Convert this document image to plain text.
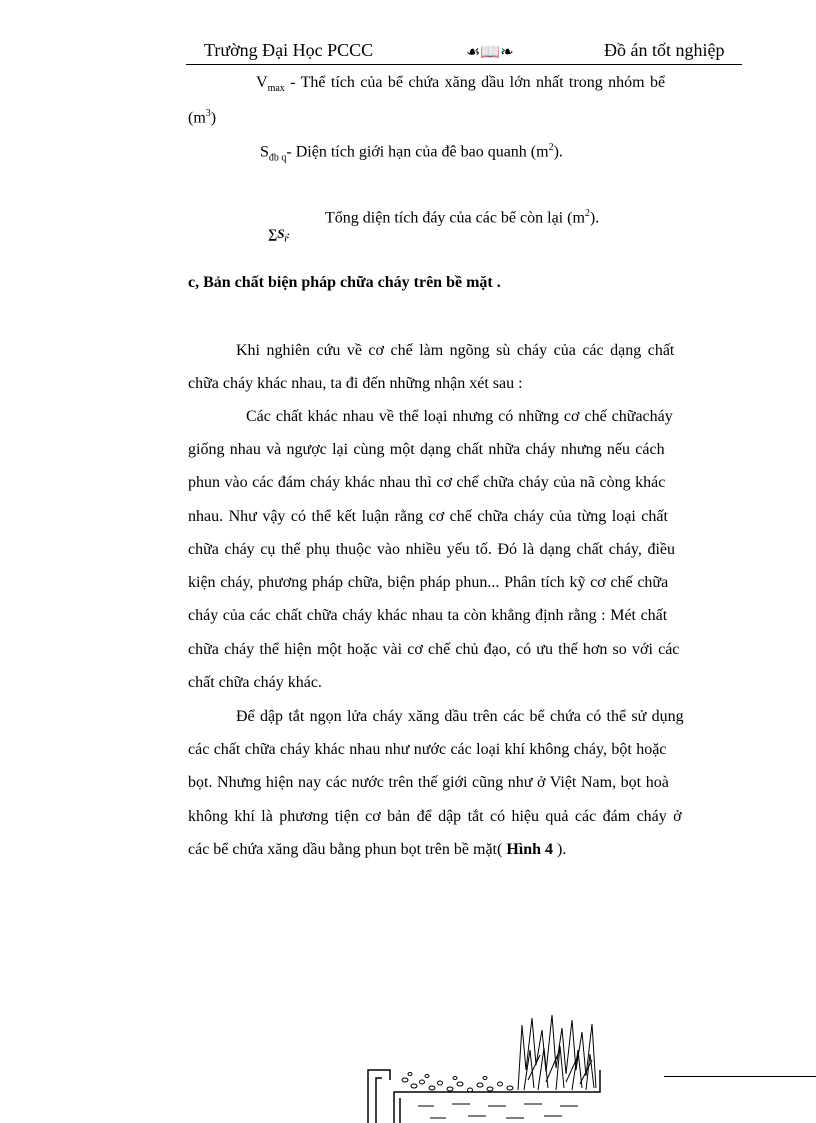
Trường Đại Học PCCC	☙📖❧	Đồ án tốt nghiệp
$V_{max}$ - Thể tích của bể chứa xăng dầu lớn nhất trong nhóm bể
$(m^3)$
$S_{đb q}-$ Diện tích giới hạn của đê bao quanh $(m^2)$.
$\sum S_i$:
Tổng diện tích đáy của các bể còn lại $(m^2)$.
c, Bản chất biện pháp chữa cháy trên bề mặt .
Khi nghiên cứu về cơ chế làm ngõng sù cháy của các dạng chất
chữa cháy khác nhau, ta đi đến những nhận xét sau :
Các chất khác nhau về thể loại nhưng có những cơ chế chữacháy
giống nhau và ngược lại cùng một dạng chất nhữa cháy nhưng nếu cách
phun vào các đám cháy khác nhau thì cơ chế chữa cháy của nã còng khác
nhau. Như vậy có thể kết luận rằng cơ chế chữa cháy của từng loại chất
chữa cháy cụ thể phụ thuộc vào nhiều yếu tố. Đó là dạng chất cháy, điều
kiện cháy, phương pháp chữa, biện pháp phun... Phân tích kỹ cơ chế chữa
cháy của các chất chữa cháy khác nhau ta còn khẳng định rằng : Mét chất
chữa cháy thể hiện một hoặc vài cơ chế chủ đạo, có ưu thế hơn so với các
chất chữa cháy khác.
Để dập tắt ngọn lửa cháy xăng dầu trên các bể chứa có thể sử dụng
các chất chữa cháy khác nhau như nước các loại khí không cháy, bột hoặc
bọt. Nhưng hiện nay các nước trên thế giới cũng như ở Việt Nam, bọt hoà
không khí là phương tiện cơ bản để dập tắt có hiệu quả các đám cháy ở
các bể chứa xăng dầu bằng phun bọt trên bề mặt( Hình 4 ).
